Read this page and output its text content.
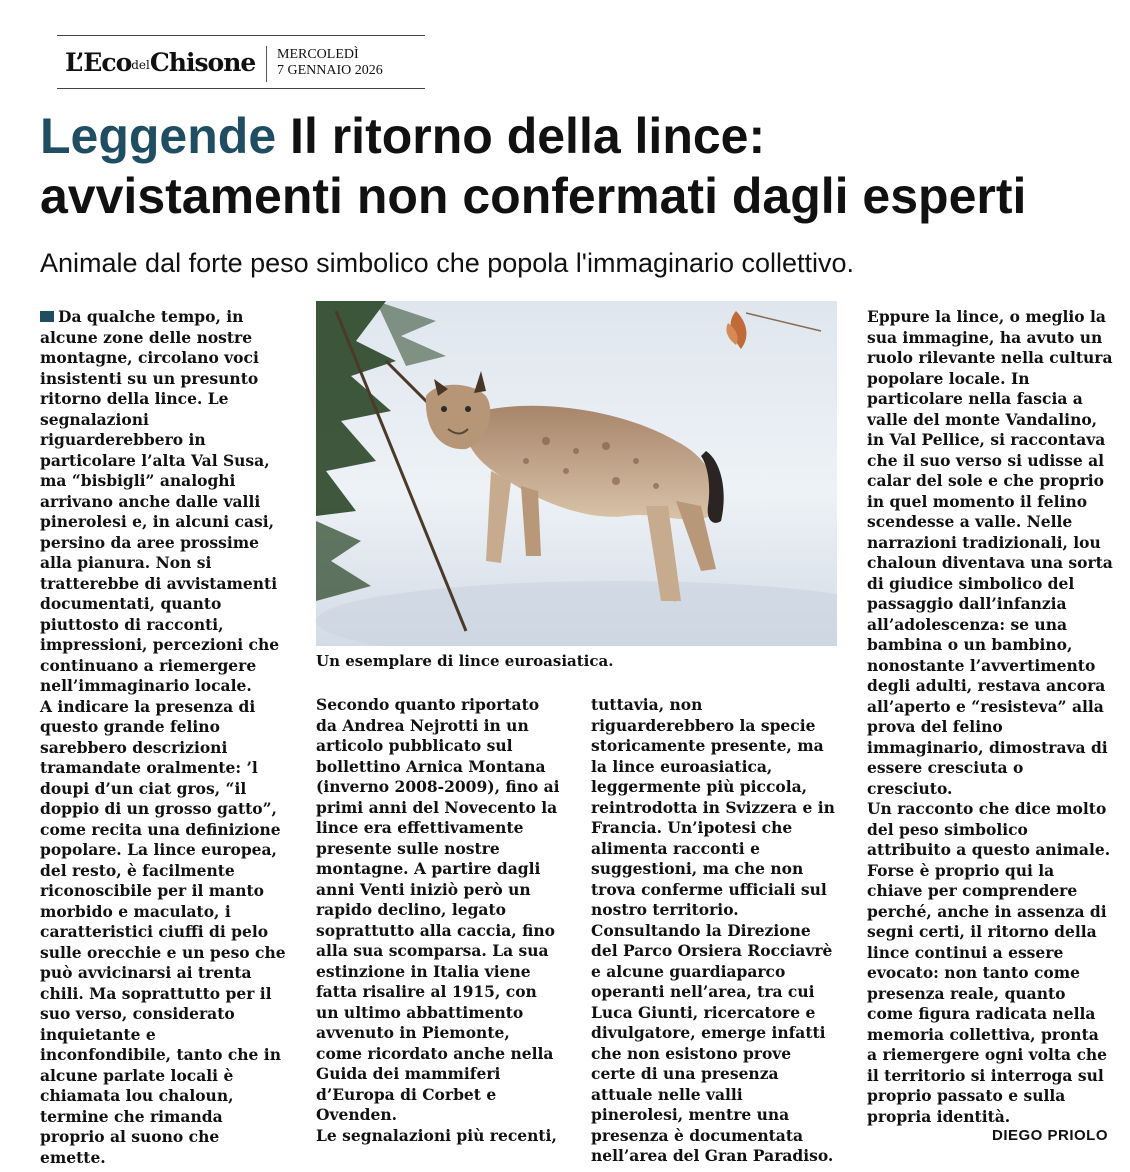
L’EcodelChisone MERCOLEDÌ
7 GENNAIO 2026
Leggende Il ritorno della lince:
avvistamenti non confermati dagli esperti
Animale dal forte peso simbolico che popola l'immaginario collettivo.

Da qualche tempo, in alcune zone delle nostre montagne, circolano voci insistenti su un presunto ritorno della lince. Le segnalazioni riguarderebbero in particolare l’alta Val Susa, ma “bisbigli” analoghi arrivano anche dalle valli pinerolesi e, in alcuni casi, persino da aree prossime alla pianura. Non si tratterebbe di avvistamenti documentati, quanto piuttosto di racconti, impressioni, percezioni che continuano a riemergere nell’immaginario locale.

A indicare la presenza di questo grande felino sarebbero descrizioni tramandate oralmente: ’l doupi d’un ciat gros, “il doppio di un grosso gatto”, come recita una definizione popolare. La lince europea, del resto, è facilmente riconoscibile per il manto morbido e maculato, i caratteristici ciuffi di pelo sulle orecchie e un peso che può avvicinarsi ai trenta chili. Ma soprattutto per il suo verso, considerato inquietante e inconfondibile, tanto che in alcune parlate locali è chiamata lou chaloun, termine che rimanda proprio al suono che emette.

Un esemplare di lince euroasiatica.

Secondo quanto riportato da Andrea Nejrotti in un articolo pubblicato sul bollettino Arnica Montana (inverno 2008-2009), fino ai primi anni del Novecento la lince era effettivamente presente sulle nostre montagne. A partire dagli anni Venti iniziò però un rapido declino, legato soprattutto alla caccia, fino alla sua scomparsa. La sua estinzione in Italia viene fatta risalire al 1915, con un ultimo abbattimento avvenuto in Piemonte, come ricordato anche nella Guida dei mammiferi d’Europa di Corbet e Ovenden.

Le segnalazioni più recenti,

tuttavia, non riguarderebbero la specie storicamente presente, ma la lince euroasiatica, leggermente più piccola, reintrodotta in Svizzera e in Francia. Un’ipotesi che alimenta racconti e suggestioni, ma che non trova conferme ufficiali sul nostro territorio. Consultando la Direzione del Parco Orsiera Rocciavrè e alcune guardiaparco operanti nell’area, tra cui Luca Giunti, ricercatore e divulgatore, emerge infatti che non esistono prove certe di una presenza attuale nelle valli pinerolesi, mentre una presenza è documentata nell’area del Gran Paradiso.

Eppure la lince, o meglio la sua immagine, ha avuto un ruolo rilevante nella cultura popolare locale. In particolare nella fascia a valle del monte Vandalino, in Val Pellice, si raccontava che il suo verso si udisse al calar del sole e che proprio in quel momento il felino scendesse a valle. Nelle narrazioni tradizionali, lou chaloun diventava una sorta di giudice simbolico del passaggio dall’infanzia all’adolescenza: se una bambina o un bambino, nonostante l’avvertimento degli adulti, restava ancora all’aperto e “resisteva” alla prova del felino immaginario, dimostrava di essere cresciuta o cresciuto.

Un racconto che dice molto del peso simbolico attribuito a questo animale. Forse è proprio qui la chiave per comprendere perché, anche in assenza di segni certi, il ritorno della lince continui a essere evocato: non tanto come presenza reale, quanto come figura radicata nella memoria collettiva, pronta a riemergere ogni volta che il territorio si interroga sul proprio passato e sulla propria identità.

DIEGO PRIOLO
